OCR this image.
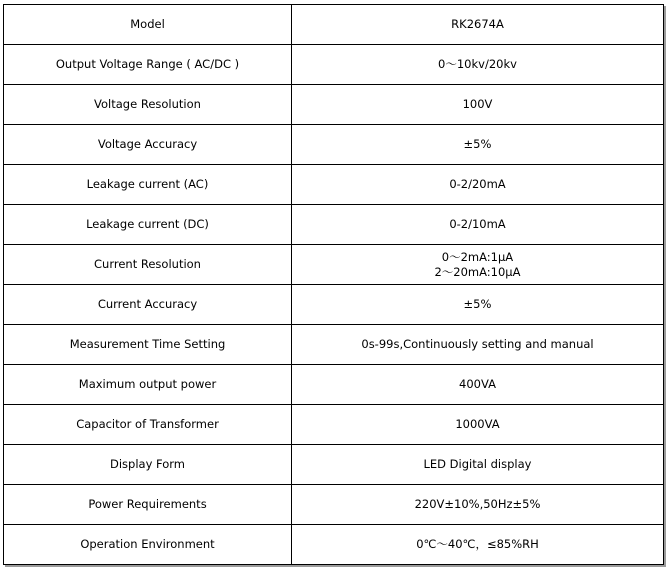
Model	RK2674A
Output Voltage Range ( AC/DC )	0～10kv/20kv
Voltage Resolution	100V
Voltage Accuracy	±5%
Leakage current (AC)	0-2/20mA
Leakage current (DC)	0-2/10mA
Current Resolution	0～2mA:1μA
2～20mA:10μA

Current Accuracy	±5%
Measurement Time Setting	0s-99s,Continuously setting and manual
Maximum output power	400VA
Capacitor of Transformer	1000VA
Display Form	LED Digital display
Power Requirements	220V±10%,50Hz±5%
Operation Environment	0℃～40℃，≤85%RH
